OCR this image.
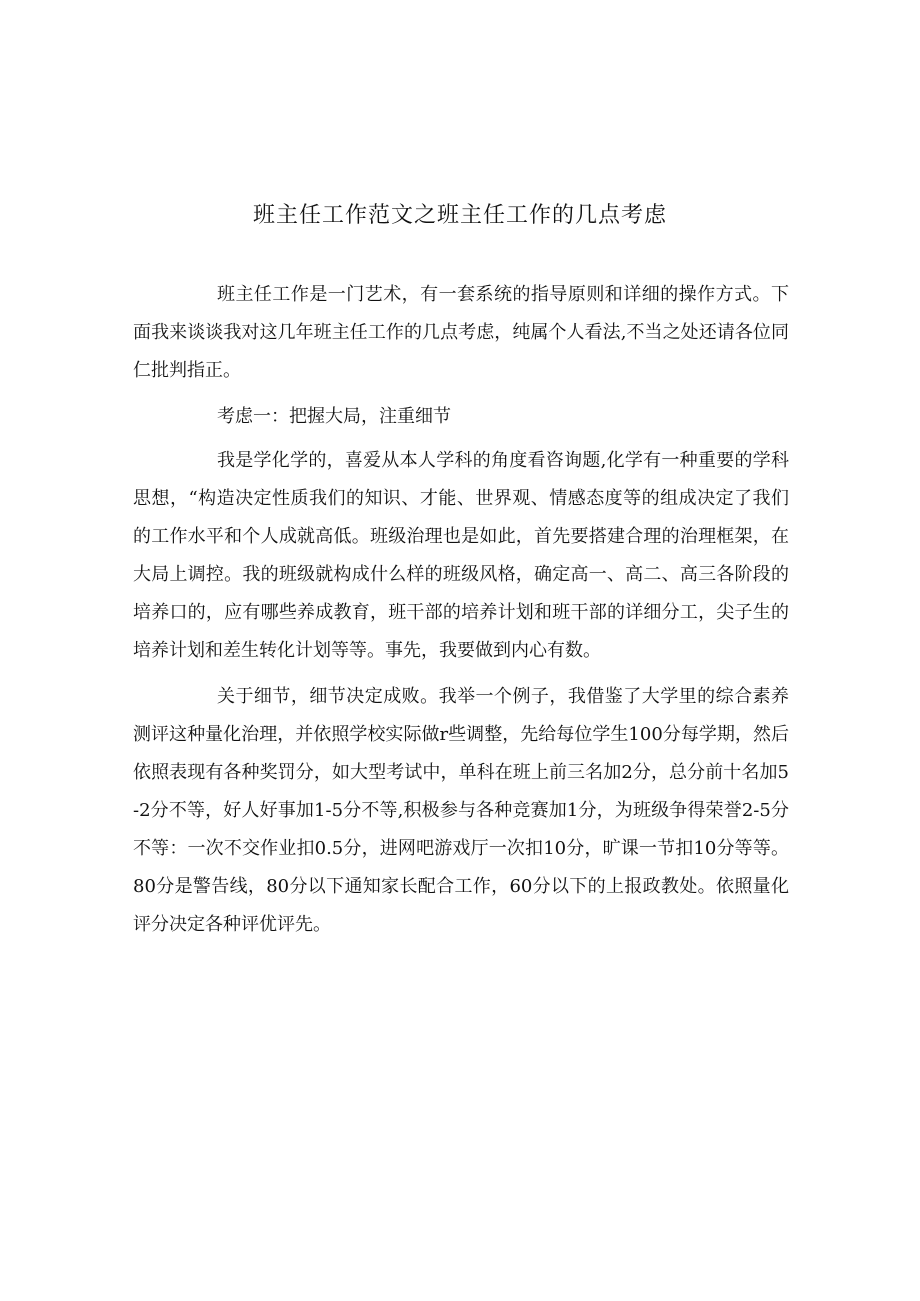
班主任工作范文之班主任工作的几点考虑

班主任工作是一门艺术，有一套系统的指导原则和详细的操作方式。下面我来谈谈我对这几年班主任工作的几点考虑，纯属个人看法,不当之处还请各位同仁批判指正。

考虑一：把握大局，注重细节

我是学化学的，喜爱从本人学科的角度看咨询题,化学有一种重要的学科思想，“构造决定性质我们的知识、才能、世界观、情感态度等的组成决定了我们的工作水平和个人成就高低。班级治理也是如此，首先要搭建合理的治理框架，在大局上调控。我的班级就构成什么样的班级风格，确定高一、高二、高三各阶段的培养口的，应有哪些养成教育，班干部的培养计划和班干部的详细分工，尖子生的培养计划和差生转化计划等等。事先，我要做到内心有数。

关于细节，细节决定成败。我举一个例子，我借鉴了大学里的综合素养测评这种量化治理，并依照学校实际做r些调整，先给每位学生100分每学期，然后依照表现有各种奖罚分，如大型考试中，单科在班上前三名加2分，总分前十名加5-2分不等，好人好事加1-5分不等,积极参与各种竞赛加1分，为班级争得荣誉2-5分不等：一次不交作业扣0.5分，进网吧游戏厅一次扣10分，旷课一节扣10分等等。80分是警告线，80分以下通知家长配合工作，60分以下的上报政教处。依照量化评分决定各种评优评先。
